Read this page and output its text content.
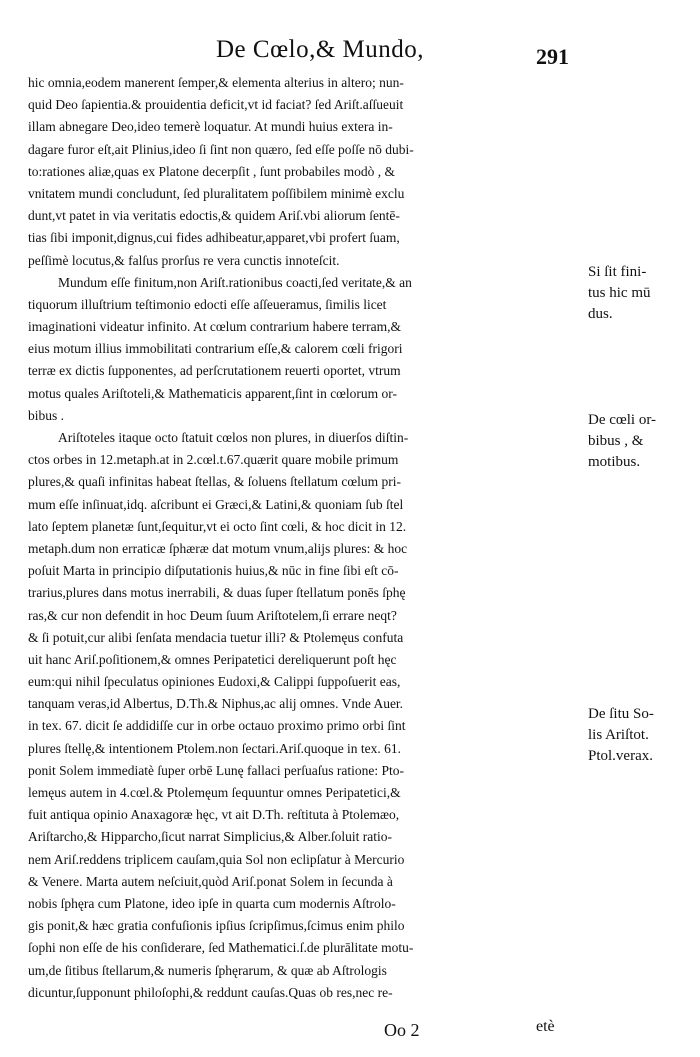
De Cœlo,& Mundo,	291
hic omnia,eodem manerent ſemper,& elementa alterius in altero; nun-
quid Deo ſapientia.& prouidentia deficit,vt id faciat? ſed Ariſt.aſſueuit
illam abnegare Deo,ideo temerè loquatur. At mundi huius extera in-
dagare furor eſt,ait Plinius,ideo ſi ſint non quæro, ſed eſſe poſſe nō dubi-
to:rationes aliæ,quas ex Platone decerpſit , ſunt probabiles modò , &
vnitatem mundi concludunt, ſed pluralitatem poſſibilem minimè exclu
dunt,vt patet in via veritatis edoctis,& quidem Ariſ.vbi aliorum ſentē-
tias ſibi imponit,dignus,cui fides adhibeatur,apparet,vbi profert ſuam,
peſſimè locutus,& falſus prorſus re vera cunctis innoteſcit.
Mundum eſſe finitum,non Ariſt.rationibus coacti,ſed veritate,& an
tiquorum illuſtrium teſtimonio edocti eſſe aſſeueramus, ſimilis licet
imaginationi videatur infinito. At cœlum contrarium habere terram,&
eius motum illius immobilitati contrarium eſſe,& calorem cœli frigori
terræ ex dictis ſupponentes, ad perſcrutationem reuerti oportet, vtrum
motus quales Ariſtoteli,& Mathematicis apparent,ſint in cœlorum or-
bibus .
Ariſtoteles itaque octo ſtatuit cœlos non plures, in diuerſos diſtin-
ctos orbes in 12.metaph.at in 2.cœl.t.67.quærit quare mobile primum
plures,& quaſi infinitas habeat ſtellas, & ſoluens ſtellatum cœlum pri-
mum eſſe inſinuat,idq. aſcribunt ei Græci,& Latini,& quoniam ſub ſtel
lato ſeptem planetæ ſunt,ſequitur,vt ei octo ſint cœli, & hoc dicit in 12.
metaph.dum non erraticæ ſphæræ dat motum vnum,alijs plures: & hoc
poſuit Marta in principio diſputationis huius,& nūc in fine ſibi eſt cō-
trarius,plures dans motus inerrabili, & duas ſuper ſtellatum ponēs ſphę
ras,& cur non defendit in hoc Deum ſuum Ariſtotelem,ſi errare neqt?
& ſi potuit,cur alibi ſenſata mendacia tuetur illi? & Ptolemęus confuta
uit hanc Ariſ.poſitionem,& omnes Peripatetici dereliquerunt poſt hęc
eum:qui nihil ſpeculatus opiniones Eudoxi,& Calippi ſuppoſuerit eas,
tanquam veras,id Albertus, D.Th.& Niphus,ac alij omnes. Vnde Auer.
in tex. 67. dicit ſe addidiſſe cur in orbe octauo proximo primo orbi ſint
plures ſtellę,& intentionem Ptolem.non ſectari.Ariſ.quoque in tex. 61.
ponit Solem immediatè ſuper orbē Lunę fallaci perſuaſus ratione: Pto-
lemęus autem in 4.cœl.& Ptolemęum ſequuntur omnes Peripatetici,&
fuit antiqua opinio Anaxagoræ hęc, vt ait D.Th. reſtituta à Ptolemæo,
Ariſtarcho,& Hipparcho,ſicut narrat Simplicius,& Alber.ſoluit ratio-
nem Ariſ.reddens triplicem cauſam,quia Sol non eclipſatur à Mercurio
& Venere. Marta autem neſciuit,quòd Ariſ.ponat Solem in ſecunda à
nobis ſphęra cum Platone, ideo ipſe in quarta cum modernis Aſtrolo-
gis ponit,& hæc gratia confuſionis ipſius ſcripſimus,ſcimus enim philo
ſophi non eſſe de his conſiderare, ſed Mathematici.ſ.de plurālitate motu-
um,de ſitibus ſtellarum,& numeris ſphęrarum, & quæ ab Aſtrologis
dicuntur,ſupponunt philoſophi,& reddunt cauſas.Quas ob res,nec re-
Si ſit fini-
tus hic mū
dus.
De cœli or-
bibus , &
motibus.
De ſitu So-
lis Ariſtot.
Ptol.verax.
Oo 2	etè
